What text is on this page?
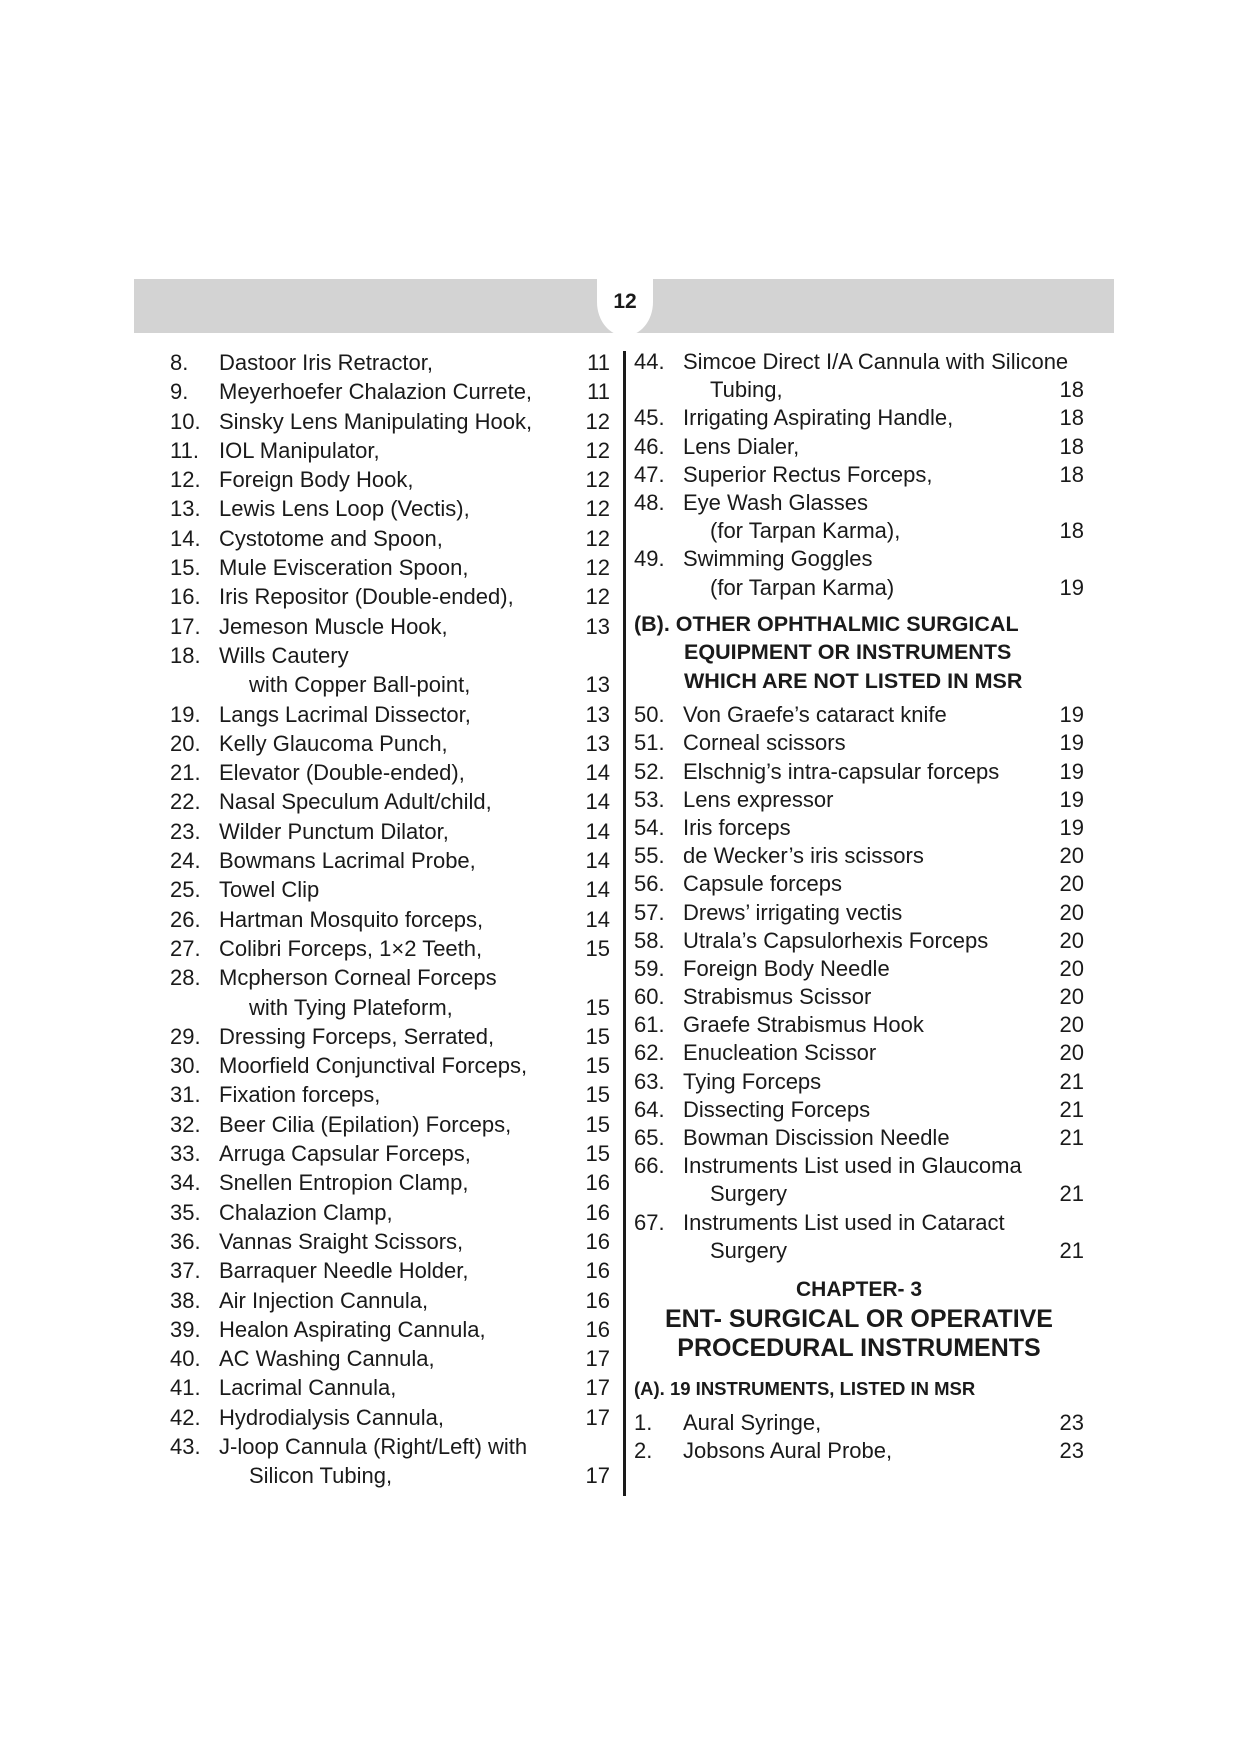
12
8. Dastoor Iris Retractor,	11
9. Meyerhoefer Chalazion Currete,	11
10. Sinsky Lens Manipulating Hook, 12
11. IOL Manipulator,	12
12. Foreign Body Hook,	12
13. Lewis Lens Loop (Vectis),	12
14. Cystotome and Spoon,	12
15. Mule Evisceration Spoon,	12
16. Iris Repositor (Double-ended),	12
17. Jemeson Muscle Hook,	13
18. Wills Cautery
with Copper Ball-point,	13
19. Langs Lacrimal Dissector,	13
20. Kelly Glaucoma Punch,	13
21. Elevator (Double-ended),	14
22. Nasal Speculum Adult/child,	14
23. Wilder Punctum Dilator,	14
24. Bowmans Lacrimal Probe,	14
25. Towel Clip	14
26. Hartman Mosquito forceps,	14
27. Colibri Forceps, 1×2 Teeth,	15
28. Mcpherson Corneal Forceps
with Tying Plateform,	15
29. Dressing Forceps, Serrated,	15
30. Moorfield Conjunctival Forceps,	15
31. Fixation forceps,	15
32. Beer Cilia (Epilation) Forceps,	15
33. Arruga Capsular Forceps,	15
34. Snellen Entropion Clamp,	16
35. Chalazion Clamp,	16
36. Vannas Sraight Scissors,	16
37. Barraquer Needle Holder,	16
38. Air Injection Cannula,	16
39. Healon Aspirating Cannula,	16
40. AC Washing Cannula,	17
41. Lacrimal Cannula,	17
42. Hydrodialysis Cannula,	17
43. J-loop Cannula (Right/Left) with
Silicon Tubing,	17
44. Simcoe Direct I/A Cannula with Silicone
Tubing,	18
45. Irrigating Aspirating Handle,	18
46. Lens Dialer,	18
47. Superior Rectus Forceps,	18
48. Eye Wash Glasses
(for Tarpan Karma),	18
49. Swimming Goggles
(for Tarpan Karma)	19
(B). OTHER OPHTHALMIC SURGICAL
EQUIPMENT OR INSTRUMENTS
WHICH ARE NOT LISTED IN MSR
50. Von Graefe’s cataract knife	19
51. Corneal scissors	19
52. Elschnig’s intra-capsular forceps	19
53. Lens expressor	19
54. Iris forceps	19
55. de Wecker’s iris scissors	20
56. Capsule forceps	20
57. Drews’ irrigating vectis	20
58. Utrala’s Capsulorhexis Forceps	20
59. Foreign Body Needle	20
60. Strabismus Scissor	20
61. Graefe Strabismus Hook	20
62. Enucleation Scissor	20
63. Tying Forceps	21
64. Dissecting Forceps	21
65. Bowman Discission Needle	21
66. Instruments List used in Glaucoma
Surgery	21
67. Instruments List used in Cataract
Surgery	21
CHAPTER- 3
ENT- SURGICAL OR OPERATIVE
PROCEDURAL INSTRUMENTS
(A). 19 INSTRUMENTS, LISTED IN MSR
1. Aural Syringe,	23
2. Jobsons Aural Probe,	23
